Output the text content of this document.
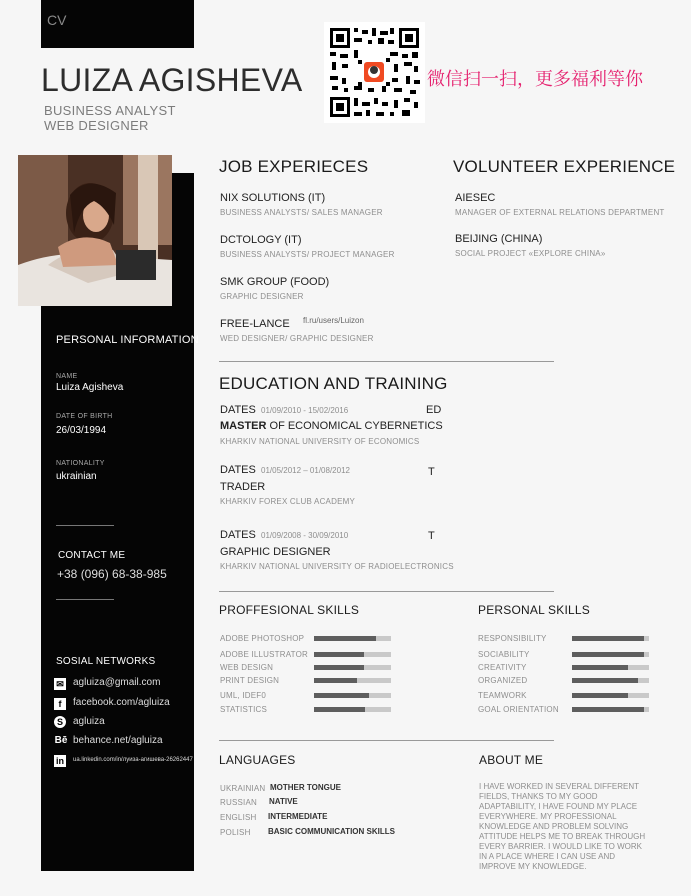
CV
LUIZA AGISHEVA
BUSINESS ANALYST
WEB DESIGNER
微信扫一扫，更多福利等你
PERSONAL INFORMATION
NAME
Luiza Agisheva
DATE OF BIRTH
26/03/1994
NATIONALITY
ukrainian
CONTACT ME
+38 (096) 68-38-985
SOSIAL NETWORKS
✉ agluiza@gmail.com
f	facebook.com/agluiza
S	agluiza
Bē behance.net/agluiza
in	ua.linkedin.com/in/луиза-агишева-26262447
JOB EXPERIECES
NIX SOLUTIONS (IT)
BUSINESS ANALYSTS/ SALES MANAGER
DCTOLOGY (IT)
BUSINESS ANALYSTS/ PROJECT MANAGER
SMK GROUP (FOOD)
GRAPHIC DESIGNER
FREE-LANCE fl.ru/users/Luizon
WED DESIGNER/ GRAPHIC DESIGNER
VOLUNTEER EXPERIENCE
AIESEC
MANAGER OF EXTERNAL RELATIONS DEPARTMENT
BEIJING (CHINA)
SOCIAL PROJECT «EXPLORE CHINA»
EDUCATION AND TRAINING
DATES 01/09/2010 - 15/02/2016	ED
MASTER OF ECONOMICAL CYBERNETICS
KHARKIV NATIONAL UNIVERSITY OF ECONOMICS
DATES 01/05/2012 – 01/08/2012	T
TRADER
KHARKIV FOREX CLUB ACADEMY
DATES 01/09/2008 - 30/09/2010	T
GRAPHIC DESIGNER
KHARKIV NATIONAL UNIVERSITY OF RADIOELECTRONICS
PROFFESIONAL SKILLS	PERSONAL SKILLS
ADOBE PHOTOSHOP
ADOBE ILLUSTRATOR
WEB DESIGN
PRINT DESIGN
UML, IDEF0
STATISTICS
RESPONSIBILITY
SOCIABILITY
CREATIVITY
ORGANIZED
TEAMWORK
GOAL ORIENTATION
LANGUAGES
UKRAINIAN MOTHER TONGUE
RUSSIAN NATIVE
ENGLISH INTERMEDIATE
POLISH BASIC COMMUNICATION SKILLS
ABOUT ME
I HAVE WORKED IN SEVERAL DIFFERENT FIELDS, THANKS TO MY GOOD ADAPTABILITY, I HAVE FOUND MY PLACE EVERYWHERE. MY PROFESSIONAL KNOWLEDGE AND PROBLEM SOLVING ATTITUDE HELPS ME TO BREAK THROUGH EVERY BARRIER. I WOULD LIKE TO WORK IN A PLACE WHERE I CAN USE AND IMPROVE MY KNOWLEDGE.
